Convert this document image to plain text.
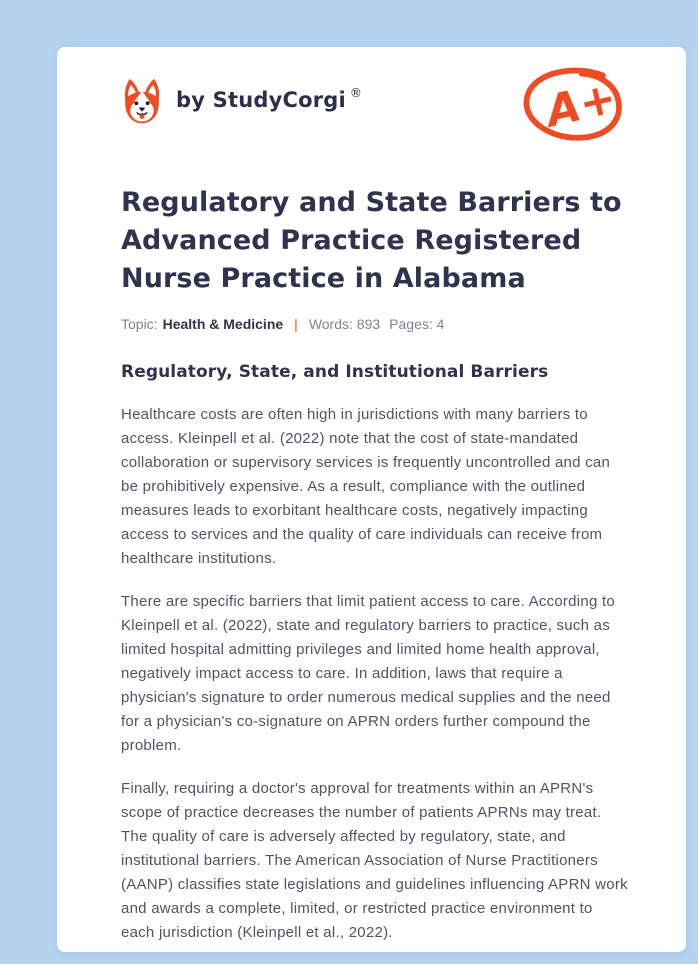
by StudyCorgi ®	A+
Regulatory and State Barriers to
Advanced Practice Registered
Nurse Practice in Alabama
Topic: Health & Medicine | Words: 893 Pages: 4
Regulatory, State, and Institutional Barriers

Healthcare costs are often high in jurisdictions with many barriers to access. Kleinpell et al. (2022) note that the cost of state-mandated collaboration or supervisory services is frequently uncontrolled and can be prohibitively expensive. As a result, compliance with the outlined measures leads to exorbitant healthcare costs, negatively impacting access to services and the quality of care individuals can receive from healthcare institutions.

There are specific barriers that limit patient access to care. According to Kleinpell et al. (2022), state and regulatory barriers to practice, such as limited hospital admitting privileges and limited home health approval, negatively impact access to care. In addition, laws that require a physician's signature to order numerous medical supplies and the need for a physician's co-signature on APRN orders further compound the problem.

Finally, requiring a doctor's approval for treatments within an APRN's scope of practice decreases the number of patients APRNs may treat. The quality of care is adversely affected by regulatory, state, and institutional barriers. The American Association of Nurse Practitioners (AANP) classifies state legislations and guidelines influencing APRN work and awards a complete, limited, or restricted practice environment to each jurisdiction (Kleinpell et al., 2022).
